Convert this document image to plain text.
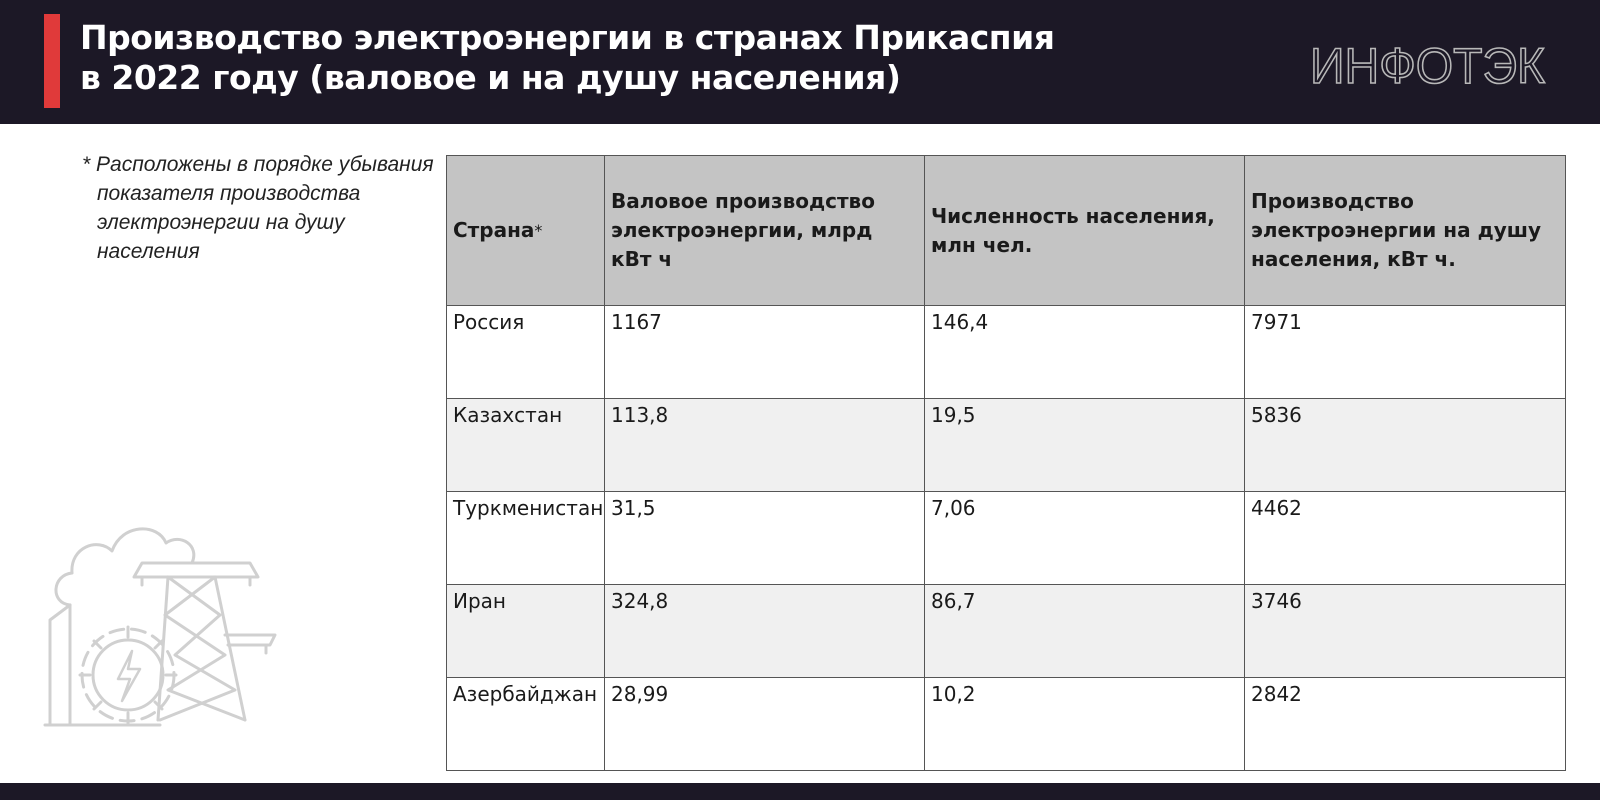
Производство электроэнергии в странах Прикаспия
в 2022 году (валовое и на душу населения)	ИНФОТЭК

* Расположены в порядке убывания показателя производства электроэнергии на душу населения

Страна*	Валовое производство электроэнергии, млрд кВт ч	Численность населения, млн чел.	Производство электроэнергии на душу населения, кВт ч.
Россия	1167	146,4	7971
Казахстан	113,8	19,5	5836
Туркменистан	31,5	7,06	4462
Иран	324,8	86,7	3746
Азербайджан	28,99	10,2	2842
